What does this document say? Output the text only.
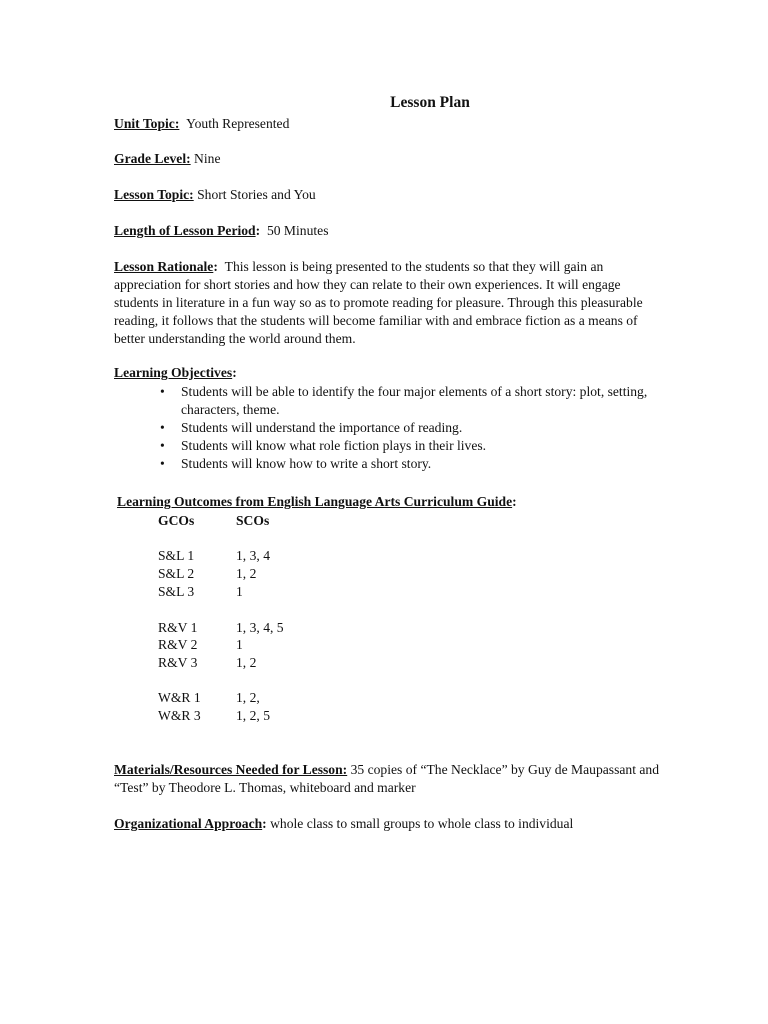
Lesson Plan
Unit Topic: Youth Represented
Grade Level: Nine
Lesson Topic: Short Stories and You
Length of Lesson Period: 50 Minutes
Lesson Rationale: This lesson is being presented to the students so that they will gain an appreciation for short stories and how they can relate to their own experiences. It will engage students in literature in a fun way so as to promote reading for pleasure. Through this pleasurable reading, it follows that the students will become familiar with and embrace fiction as a means of better understanding the world around them.
Learning Objectives:
• Students will be able to identify the four major elements of a short story: plot, setting, characters, theme.
• Students will understand the importance of reading.
• Students will know what role fiction plays in their lives.
• Students will know how to write a short story.
Learning Outcomes from English Language Arts Curriculum Guide:
GCOs	SCOs
S&L 1	1, 3, 4
S&L 2	1, 2
S&L 3	1
R&V 1	1, 3, 4, 5
R&V 2	1
R&V 3	1, 2
W&R 1	1, 2,
W&R 3	1, 2, 5
Materials/Resources Needed for Lesson: 35 copies of “The Necklace” by Guy de Maupassant and “Test” by Theodore L. Thomas, whiteboard and marker
Organizational Approach: whole class to small groups to whole class to individual
